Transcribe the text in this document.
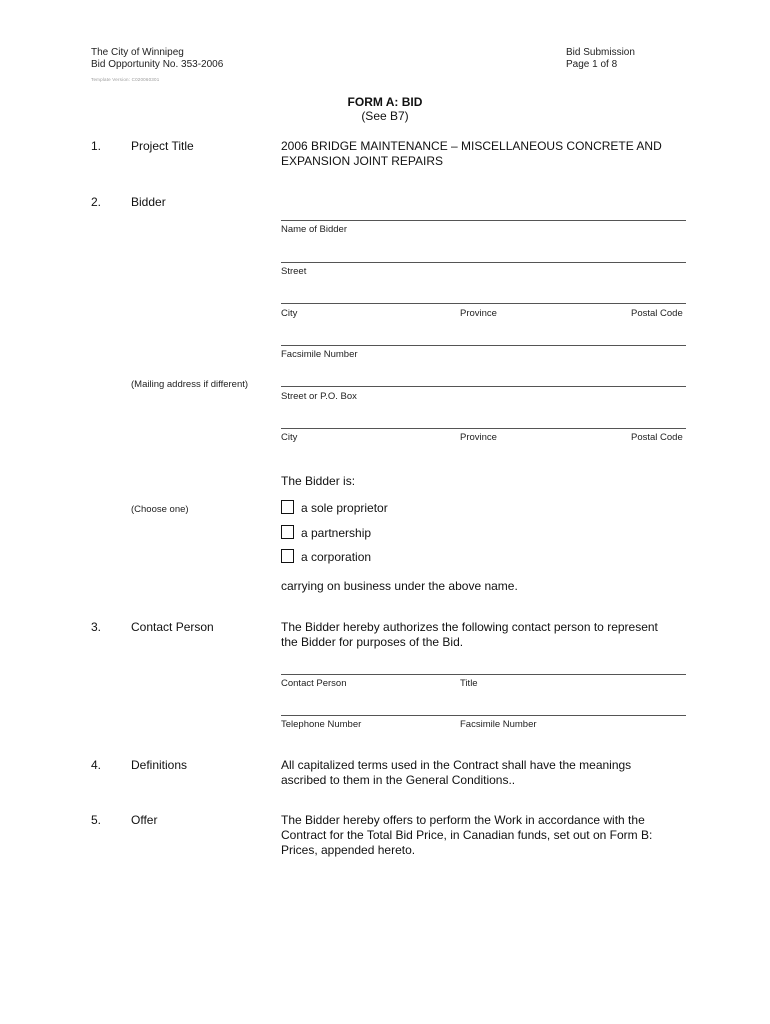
The City of Winnipeg
Bid Opportunity No. 353-2006
Template Version: C020060301
Bid Submission
Page 1 of 8
FORM A: BID
(See B7)
1. Project Title	2006 BRIDGE MAINTENANCE – MISCELLANEOUS CONCRETE AND
EXPANSION JOINT REPAIRS
2. Bidder
Name of Bidder
Street
City	Province	Postal Code
Facsimile Number
(Mailing address if different)
Street or P.O. Box
City	Province	Postal Code
The Bidder is:
(Choose one)	a sole proprietor
a partnership
a corporation
carrying on business under the above name.
3. Contact Person	The Bidder hereby authorizes the following contact person to represent
the Bidder for purposes of the Bid.
Contact Person	Title
Telephone Number	Facsimile Number
4. Definitions	All capitalized terms used in the Contract shall have the meanings
ascribed to them in the General Conditions..
5. Offer	The Bidder hereby offers to perform the Work in accordance with the
Contract for the Total Bid Price, in Canadian funds, set out on Form B:
Prices, appended hereto.
